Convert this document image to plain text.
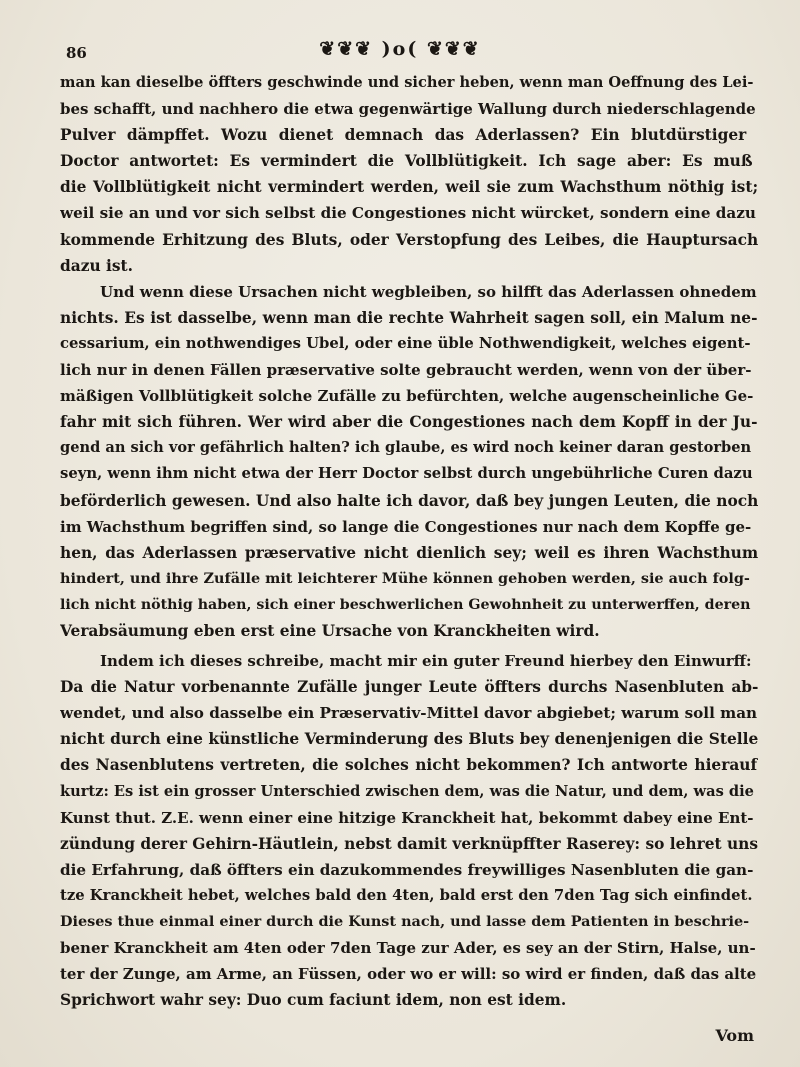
86	❦❦❦ )o( ❦❦❦
man kan dieselbe öffters geschwinde und sicher heben, wenn man Oeffnung des Lei-
bes schafft, und nachhero die etwa gegenwärtige Wallung durch niederschlagende
Pulver dämpffet. Wozu dienet demnach das Aderlassen? Ein blutdürstiger
Doctor antwortet: Es vermindert die Vollblütigkeit. Ich sage aber: Es muß
die Vollblütigkeit nicht vermindert werden, weil sie zum Wachsthum nöthig ist;
weil sie an und vor sich selbst die Congestiones nicht würcket, sondern eine dazu
kommende Erhitzung des Bluts, oder Verstopfung des Leibes, die Hauptursach
dazu ist.
Und wenn diese Ursachen nicht wegbleiben, so hilfft das Aderlassen ohnedem
nichts. Es ist dasselbe, wenn man die rechte Wahrheit sagen soll, ein Malum ne-
cessarium, ein nothwendiges Ubel, oder eine üble Nothwendigkeit, welches eigent-
lich nur in denen Fällen præservative solte gebraucht werden, wenn von der über-
mäßigen Vollblütigkeit solche Zufälle zu befürchten, welche augenscheinliche Ge-
fahr mit sich führen. Wer wird aber die Congestiones nach dem Kopff in der Ju-
gend an sich vor gefährlich halten? ich glaube, es wird noch keiner daran gestorben
seyn, wenn ihm nicht etwa der Herr Doctor selbst durch ungebührliche Curen dazu
beförderlich gewesen. Und also halte ich davor, daß bey jungen Leuten, die noch
im Wachsthum begriffen sind, so lange die Congestiones nur nach dem Kopffe ge-
hen, das Aderlassen præservative nicht dienlich sey; weil es ihren Wachsthum
hindert, und ihre Zufälle mit leichterer Mühe können gehoben werden, sie auch folg-
lich nicht nöthig haben, sich einer beschwerlichen Gewohnheit zu unterwerffen, deren
Verabsäumung eben erst eine Ursache von Kranckheiten wird.
Indem ich dieses schreibe, macht mir ein guter Freund hierbey den Einwurff:
Da die Natur vorbenannte Zufälle junger Leute öffters durchs Nasenbluten ab-
wendet, und also dasselbe ein Præservativ-Mittel davor abgiebet; warum soll man
nicht durch eine künstliche Verminderung des Bluts bey denenjenigen die Stelle
des Nasenblutens vertreten, die solches nicht bekommen? Ich antworte hierauf
kurtz: Es ist ein grosser Unterschied zwischen dem, was die Natur, und dem, was die
Kunst thut. Z.E. wenn einer eine hitzige Kranckheit hat, bekommt dabey eine Ent-
zündung derer Gehirn-Häutlein, nebst damit verknüpffter Raserey: so lehret uns
die Erfahrung, daß öffters ein dazukommendes freywilliges Nasenbluten die gan-
tze Kranckheit hebet, welches bald den 4ten, bald erst den 7den Tag sich einfindet.
Dieses thue einmal einer durch die Kunst nach, und lasse dem Patienten in beschrie-
bener Kranckheit am 4ten oder 7den Tage zur Ader, es sey an der Stirn, Halse, un-
ter der Zunge, am Arme, an Füssen, oder wo er will: so wird er finden, daß das alte
Sprichwort wahr sey: Duo cum faciunt idem, non est idem.
Vom
